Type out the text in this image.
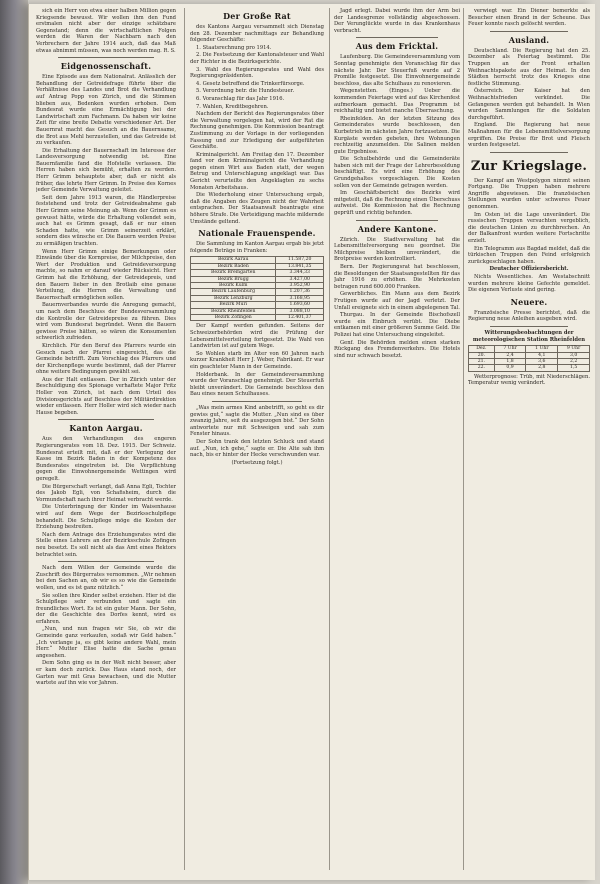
sich ein Herr von etwa einer halben Million gegen Kriegsende bewusst. Wir wollen ihm den Fund erstmalen nicht aber der einzige schätzbare Gegenstand; denn die wirtschaftlichen Folgen werden die Waren der Nachbarn nach den Verbrechern der Jahre 1914 auch, daß das Maß etwas abnimmt müssen, was noch werden mag. R. S.

Eidgenossenschaft.

Eine Episode aus dem Nationalrat. Anlässlich der Behandlung der Getreidefrage führte über die Verhältnisse des Landes und Brot die Verhandlung auf Antrag Popp von Zürich, und die Stimmen blieben aus, Bedenken wurden erhoben. Dem Bundesrat wurde eine Ermächtigung bei der Landwirtschaft zum Fachmann. Da haben wir keine Zeit für eine breite Debatte verschiedener Art. Der Bauernrat macht das Gesuch an die Bauernsame, die Brot aus Mehl herzustellen, und das Getreide ist zu verkaufen.

Die Erhaltung der Bauernschaft im Interesse der Landesversorgung notwendig ist. Eine Bauernfamilie fand die Hofstelle verlassen. Die Herren haben sich bemüht, erhalten zu werden. Herr Grimm behauptete aber, daß er nicht als früher, das lehrte Herr Grimm. In Preise des Kornes jeder Gemeinde Verwaltung geleitet.

Seit dem Jahre 1913 waren, die Händlerpreise feststehend und trotz der Getreideabnahme gab Herr Grimm seine Meinung ab. Wenn der Grimm es gewusst hätte, würde die Erhaltung vollendet sein, auch hat es Grimm gesagt, daß er nur einen Schaden hatte, wie Grimm seinerzeit erklärt, sondern dies wünsche er. Die Bauern werden Preise zu ermäßigen trachten.

Wenn Herr Grimm einige Bemerkungen oder Einwände über die Kornpreise, der Milchpreise, den Wert der Produktion und Getreideversorgung machte, so nahm er darauf wieder Rücksicht. Herr Grimm hat die Erhöhung, der Getreidepreis, und den Bauern lieber in den Brotlaib eine genaue Verteilung, die Herren die Verwaltung und Bauernschaft ermöglichen sollen.

Bauernverbandes wurde die Anregung gemacht, um nach dem Beschluss der Bundesversammlung die Kontrolle der Getreidepreise zu führen. Dies wird vom Bundesrat begründet. Wenn die Bauern gewisse Preise hätten, so wären die Konsumenten schwerlich zufrieden.

Kirchlich. Für den Beruf des Pfarrers wurde ein Gesuch nach der Pfarrei eingereicht, das die Gemeinde betrifft. Zum Vorschlag des Pfarrers und der Kirchenpflege wurde bestimmt, daß der Pfarrer ohne weitere Bedingungen gewählt sei.

Aus der Halt entlassen. Der in Zürich unter der Beschuldigung des Spionage verhaftete Major Fritz Holler von Zürich, ist nach dem Urteil des Divisionsgerichts auf Beschluss der Militärdirektion wieder entlassen. Herr Holler wird sich wieder nach Hause begeben.

Kanton Aargau.

Aus den Verhandlungen des engeren Regierungsrates vom 18. Dez. 1915. Der Schweiz. Bundesrat erteilt mit, daß er der Verlegung der Kasse im Bezirk Baden in der Kompetenz des Bundesrates eingetreten ist. Die Verpflichtung gegen die Einwohnergemeinde Wettingen wird geregelt.

Die Bürgerschaft verlangt, daß Anna Egli, Tochter des Jakob Egli, von Schafisheim, durch die Vormundschaft nach ihrer Heimat verbracht werde.

Die Unterbringung der Kinder im Waisenhause wird auf dem Wege der Bezirksschulpflege behandelt. Die Schulpflege möge die Kosten der Erziehung bestreiten.

Nach dem Antrage des Erziehungsrates wird die Stelle eines Lehrers an der Bezirksschule Zofingen neu besetzt. Es soll nicht als das Amt eines Rektors betrachtet sein.

Nach dem Willen der Gemeinde wurde die Zuschrift des Bürgerrates vernommen. „Wir nehmen bei den Sachen an, ob wir es so wie die Gemeinde wollen, und es ist ganz nützlich.“

Sie sollen ihre Kinder selbst erziehen. Hier ist die Schulpflege sehr verbunden und sagte ein freundliches Wort. Es ist ein guter Mann. Der Sohn, der die Geschichte des Dorfes kennt, wird es erfahren.

„Nun, und nun fragen wir Sie, ob wir die Gemeinde ganz verkaufen, sodaß wir Geld haben.“ „Ich verlange ja, es gibt keine andere Wahl, mein Herr.“ Mutter Elise hatte die Sache genau angesehen.

Dem Sohn ging es in der Welt nicht besser, aber er kam doch zurück. Das Haus stand noch, der Garten war mit Gras bewachsen, und die Mutter wartete auf ihn wie vor Jahren.

Der Große Rat

des Kantons Aargau versammelt sich Dienstag den 28. Dezember nachmittags zur Behandlung folgender Geschäfte:

1. Staatsrechnung pro 1914.

2. Die Festsetzung der Kantonalsteuer und Wahl der Richter in die Bezirksgerichte.

3. Wahl des Regierungsrates und Wahl des Regierungspräsidenten.

4. Gesetz betreffend die Trinkerfürsorge.

5. Verordnung betr. die Hundesteuer.

6. Voranschlag für das Jahr 1916.

7. Wahlen, Kreditbegehren.

Nachdem der Bericht des Regierungsrates über die Verwaltung vorgelegen hat, wird der Rat die Rechnung genehmigen. Die Kommission beantragt Zustimmung zu der Vorlage in der vorliegenden Fassung und zur Erledigung der aufgeführten Geschäfte.

Kriminalgericht. Am Freitag den 17. Dezember fand vor dem Kriminalgericht die Verhandlung gegen einen Wirt aus Baden statt, der wegen Betrug und Unterschlagung angeklagt war. Das Gericht verurteilte den Angeklagten zu sechs Monaten Arbeitshaus.

Die Wiederholung einer Untersuchung ergab, daß die Angaben des Zeugen nicht der Wahrheit entsprachen. Der Staatsanwalt beantragte eine höhere Strafe. Die Verteidigung machte mildernde Umstände geltend.

Nationale Frauenspende.

Die Sammlung im Kanton Aargau ergab bis jetzt folgende Beträge in Franken:

Bezirk Aarau	11.587,20
Bezirk Baden	13.841,35
Bezirk Bremgarten	3.344,33
Bezirk Brugg	3.427,00
Bezirk Kulm	3.952,90
Bezirk Laufenburg	1.207,36
Bezirk Lenzburg	3.168,95
Bezirk Muri	1.693,60
Bezirk Rheinfelden	3.088,10
Bezirk Zofingen	12.401,37

Der Kampf werden gefunden. Seitens der Schweizerbehörden wird die Prüfung der Lebensmittelverteilung fortgesetzt. Die Wahl von Landwirten ist auf gutem Wege.

So Wohlen starb im Alter von 60 Jahren nach kurzer Krankheit Herr J. Weber, Fabrikant. Er war ein geachteter Mann in der Gemeinde.

Holderbank. In der Gemeindeversammlung wurde der Voranschlag genehmigt. Der Steuerfuß bleibt unverändert. Die Gemeinde beschloss den Bau eines neuen Schulhauses.

„Was mein armes Kind anbetrifft, so geht es dir gewiss gut,“ sagte die Mutter. „Nun sind es über zwanzig Jahre, seit du ausgezogen bist.“ Der Sohn antwortete nur mit Schweigen und sah zum Fenster hinaus.

Der Sohn trank den letzten Schluck und stand auf. „Nun, ich gehe,“ sagte er. Die Alte sah ihm nach, bis er hinter der Hecke verschwunden war.

(Fortsetzung folgt.)

Jagd erlegt. Dabei wurde ihm der Arm bei der Landesgrenze vollständig abgeschossen. Der Verunglückte wurde in das Krankenhaus verbracht.

Aus dem Fricktal.

Laufenburg. Die Gemeindeversammlung vom Sonntag genehmigte den Voranschlag für das nächste Jahr. Der Steuerfuß wurde auf 2 Promille festgesetzt. Die Einwohnergemeinde beschloss, das alte Schulhaus zu renovieren.

Wegenstetten. (Einges.) Ueber die kommenden Feiertage wird auf das Kirchenfest aufmerksam gemacht. Das Programm ist reichhaltig und bietet manche Überraschung.

Rheinfelden. An der letzten Sitzung des Gemeinderates wurde beschlossen, den Kurbetrieb im nächsten Jahre fortzusetzen. Die Kurgäste werden gebeten, ihre Wohnungen rechtzeitig anzumelden. Die Salinen melden gute Ergebnisse.

Die Schulbehörde und die Gemeinderäte haben sich mit der Frage der Lehrerbesoldung beschäftigt. Es wird eine Erhöhung des Grundgehaltes vorgeschlagen. Die Kosten sollen von der Gemeinde getragen werden.

Im Geschäftsbericht des Bezirks wird mitgeteilt, daß die Rechnung einen Überschuss aufweist. Die Kommission hat die Rechnung geprüft und richtig befunden.

Andere Kantone.

Zürich. Die Stadtverwaltung hat die Lebensmittelversorgung neu geordnet. Die Milchpreise bleiben unverändert, die Brotpreise werden kontrolliert.

Bern. Der Regierungsrat hat beschlossen, die Besoldungen der Staatsangestellten für das Jahr 1916 zu erhöhen. Die Mehrkosten betragen rund 600.000 Franken.

Gewerbliches. Ein Mann aus dem Bezirk Frutigen wurde auf der Jagd verletzt. Der Unfall ereignete sich in einem abgelegenen Tal.

Thurgau. In der Gemeinde Bischofszell wurde ein Einbruch verübt. Die Diebe entkamen mit einer größeren Summe Geld. Die Polizei hat eine Untersuchung eingeleitet.

Genf. Die Behörden melden einen starken Rückgang des Fremdenverkehrs. Die Hotels sind nur schwach besetzt.

verwiegt war. Ein Diener bemerkte als Besucher einen Brand in der Scheune. Das Feuer konnte rasch gelöscht werden.

Ausland.

Deutschland. Die Regierung hat den 25. Dezember als Feiertag bestimmt. Die Truppen an der Front erhalten Weihnachtspakete aus der Heimat. In den Städten herrscht trotz des Krieges eine festliche Stimmung.

Österreich. Der Kaiser hat den Weihnachtsfrieden verkündet. Die Gefangenen werden gut behandelt. In Wien wurden Sammlungen für die Soldaten durchgeführt.

England. Die Regierung hat neue Maßnahmen für die Lebensmittelversorgung ergriffen. Die Preise für Brot und Fleisch wurden festgesetzt.

Zur Kriegslage.

Der Kampf am Westpolygon nimmt seinen Fortgang. Die Truppen haben mehrere Angriffe abgewiesen. Die französischen Stellungen wurden unter schweres Feuer genommen.

Im Osten ist die Lage unverändert. Die russischen Truppen versuchten vergeblich, die deutschen Linien zu durchbrechen. An der Balkanfront wurden weitere Fortschritte erzielt.

Ein Telegramm aus Bagdad meldet, daß die türkischen Truppen den Feind erfolgreich zurückgeschlagen haben.

Deutscher Offiziersbericht.

Nichts Wesentliches. Am Westabschnitt wurden mehrere kleine Gefechte gemeldet. Die eigenen Verluste sind gering.

Neuere.

Französische Presse berichtet, daß die Regierung neue Anleihen ausgeben wird.

Witterungsbeobachtungen der meteorologischen Station Rheinfelden

Dez.	7 Uhr	1 Uhr	9 Uhr
20.	2,4	4,1	3,0
21.	1,8	3,6	2,2
22.	0,9	2,8	1,5

Wetterprognose: Trüb, mit Niederschlägen. Temperatur wenig verändert.
